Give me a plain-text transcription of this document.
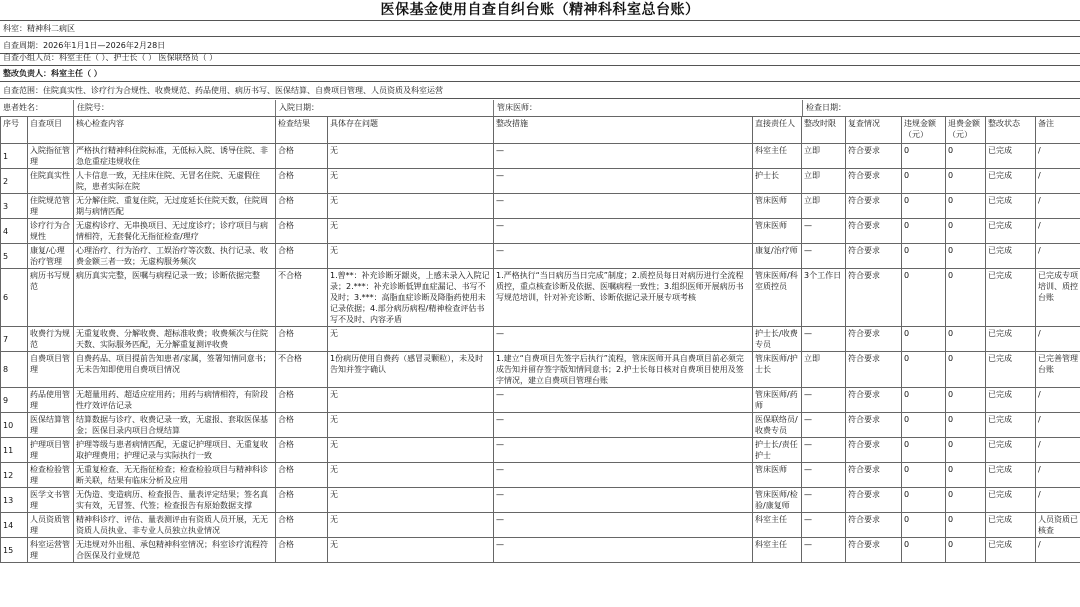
医保基金使用自查自纠台账（精神科科室总台账）
科室：精神科二病区
自查周期：2026年1月1日—2026年2月28日
自查小组人员：科室主任（ ）、护士长（ ） 医保联络员（ ）
整改负责人：科室主任（ ）
自查范围：住院真实性、诊疗行为合规性、收费规范、药品使用、病历书写、医保结算、自费项目管理、人员资质及科室运营
患者姓名：	住院号：	入院日期：	管床医师：	检查日期：
序号	自查项目	核心检查内容	检查结果	具体存在问题	整改措施	直接责任人	整改时限	复查情况	违规金额（元）	退费金额（元）	整改状态	备注
1	入院指征管理	严格执行精神科住院标准，无低标入院、诱导住院、非急危重症违规收住	合格	无	—	科室主任	立即	符合要求	0	0	已完成	/
2	住院真实性	人卡信息一致，无挂床住院、无冒名住院、无虚假住院，患者实际在院	合格	无	—	护士长	立即	符合要求	0	0	已完成	/
3	住院规范管理	无分解住院、重复住院，无过度延长住院天数，住院周期与病情匹配	合格	无	—	管床医师	立即	符合要求	0	0	已完成	/
4	诊疗行为合规性	无虚构诊疗、无串换项目、无过度诊疗；诊疗项目与病情相符，无套餐化无指征检查/理疗	合格	无	—	管床医师	—	符合要求	0	0	已完成	/
5	康复/心理治疗管理	心理治疗、行为治疗、工娱治疗等次数、执行记录、收费金额三者一致；无虚构服务频次	合格	无	—	康复/治疗师	—	符合要求	0	0	已完成	/
6	病历书写规范	病历真实完整，医嘱与病程记录一致；诊断依据完整	不合格	1.曾**：补充诊断牙龈炎，上感未录入入院记录；2.***：补充诊断低钾血症漏记、书写不及时；3.***：高脂血症诊断及降脂药使用未记录依据；4.部分病历病程/精神检查评估书写不及时、内容矛盾	1.严格执行“当日病历当日完成”制度；2.质控员每日对病历进行全流程质控，重点核查诊断及依据、医嘱病程一致性；3.组织医师开展病历书写规范培训，针对补充诊断、诊断依据记录开展专项考核	管床医师/科室质控员	3个工作日	符合要求	0	0	已完成	已完成专项培训、质控台账
7	收费行为规范	无重复收费、分解收费、超标准收费；收费频次与住院天数、实际服务匹配，无分解重复测评收费	合格	无	—	护士长/收费专员	—	符合要求	0	0	已完成	/
8	自费项目管理	自费药品、项目提前告知患者/家属，签署知情同意书；无未告知即使用自费项目情况	不合格	1份病历使用自费药（感冒灵颗粒），未及时告知并签字确认	1.建立“自费项目先签字后执行”流程，管床医师开具自费项目前必须完成告知并留存签字版知情同意书；2.护士长每日核对自费项目使用及签字情况，建立自费项目管理台账	管床医师/护士长	立即	符合要求	0	0	已完成	已完善管理台账
9	药品使用管理	无超量用药、超适应症用药；用药与病情相符，有阶段性疗效评估记录	合格	无	—	管床医师/药师	—	符合要求	0	0	已完成	/
10	医保结算管理	结算数据与诊疗、收费记录一致，无虚报、套取医保基金；医保目录内项目合规结算	合格	无	—	医保联络员/收费专员	—	符合要求	0	0	已完成	/
11	护理项目管理	护理等级与患者病情匹配，无虚记护理项目、无重复收取护理费用；护理记录与实际执行一致	合格	无	—	护士长/责任护士	—	符合要求	0	0	已完成	/
12	检查检验管理	无重复检查、无无指征检查；检查检验项目与精神科诊断关联，结果有临床分析及应用	合格	无	—	管床医师	—	符合要求	0	0	已完成	/
13	医学文书管理	无伪造、变造病历、检查报告、量表评定结果；签名真实有效，无冒签、代签；检查报告有原始数据支撑	合格	无	—	管床医师/检验/康复师	—	符合要求	0	0	已完成	/
14	人员资质管理	精神科诊疗、评估、量表测评由有资质人员开展，无无资质人员执业、非专业人员独立执业情况	合格	无	—	科室主任	—	符合要求	0	0	已完成	人员资质已核查
15	科室运营管理	无违规对外出租、承包精神科室情况；科室诊疗流程符合医保及行业规范	合格	无	—	科室主任	—	符合要求	0	0	已完成	/
